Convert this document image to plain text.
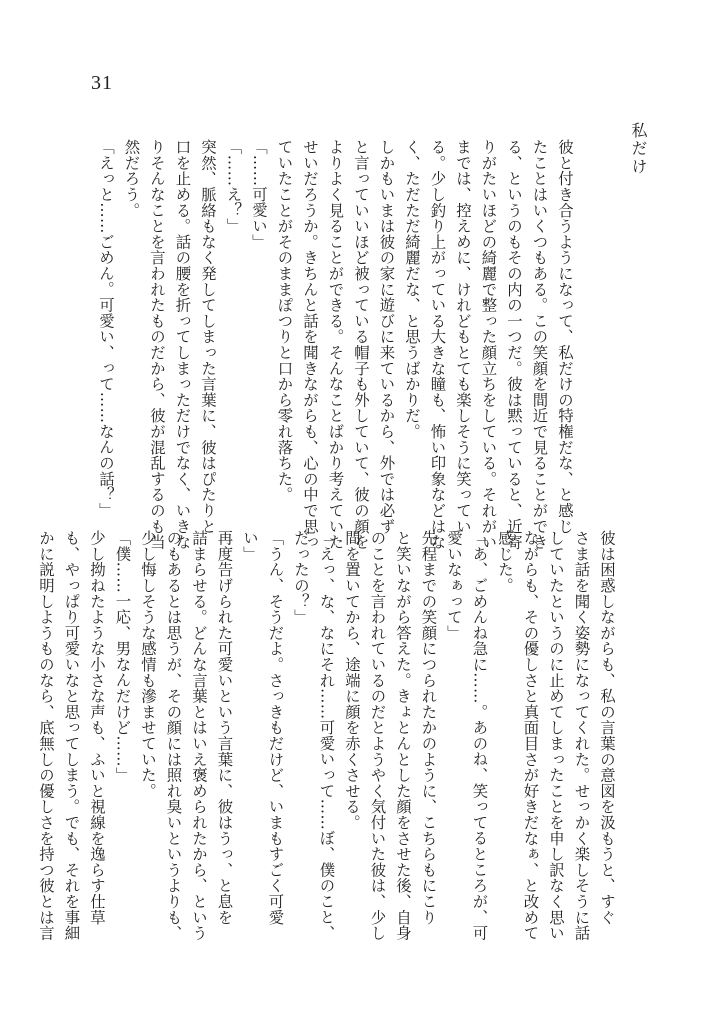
31
私だけ

彼と付き合うようになって、私だけの特権だな、と感じ

たことはいくつもある。この笑顔を間近で見ることができ

る、というのもその内の一つだ。彼は黙っていると、近寄

りがたいほどの綺麗で整った顔立ちをしている。それがい

までは、控えめに、けれどもとても楽しそうに笑ってい

る。少し釣り上がっている大きな瞳も、怖い印象などはな

く、ただただ綺麗だな、と思うばかりだ。

しかもいまは彼の家に遊びに来ているから、外では必ず

と言っていいほど被っている帽子も外していて、彼の顔を

よりよく見ることができる。そんなことばかり考えていた

せいだろうか。きちんと話を聞きながらも、心の中で思っ

ていたことがそのままぽつりと口から零れ落ちた。

「……可愛い」

「……え？」

突然、脈絡もなく発してしまった言葉に、彼はぴたりと

口を止める。話の腰を折ってしまっただけでなく、いきな

りそんなことを言われたものだから、彼が混乱するのも当

然だろう。

「えっと……ごめん。可愛い、って……なんの話？」

彼は困惑しながらも、私の言葉の意図を汲もうと、すぐ

さま話を聞く姿勢になってくれた。せっかく楽しそうに話

していたというのに止めてしまったことを申し訳なく思い

ながらも、その優しさと真面目さが好きだなぁ、と改めて

感じた。

「あ、ごめんね急に……。あのね、笑ってるところが、可

愛いなぁって」

先程までの笑顔につられたかのように、こちらもにこり

と笑いながら答えた。きょとんとした顔をさせた後、自身

のことを言われているのだとようやく気付いた彼は、少し

間を置いてから、途端に顔を赤くさせる。

「えっ、な、なにそれ……可愛いって……ぼ、僕のこと、

だったの？」

「うん、そうだよ。さっきもだけど、いまもすごく可愛

い」

再度告げられた可愛いという言葉に、彼はうっ、と息を

詰まらせる。どんな言葉とはいえ褒められたから、という

のもあるとは思うが、その顔には照れ臭いというよりも、

少し悔しそうな感情も滲ませていた。

「僕……一応、男なんだけど……」

少し拗ねたような小さな声も、ふいと視線を逸らす仕草

も、やっぱり可愛いなと思ってしまう。でも、それを事細

かに説明しようものなら、底無しの優しさを持つ彼とは言
